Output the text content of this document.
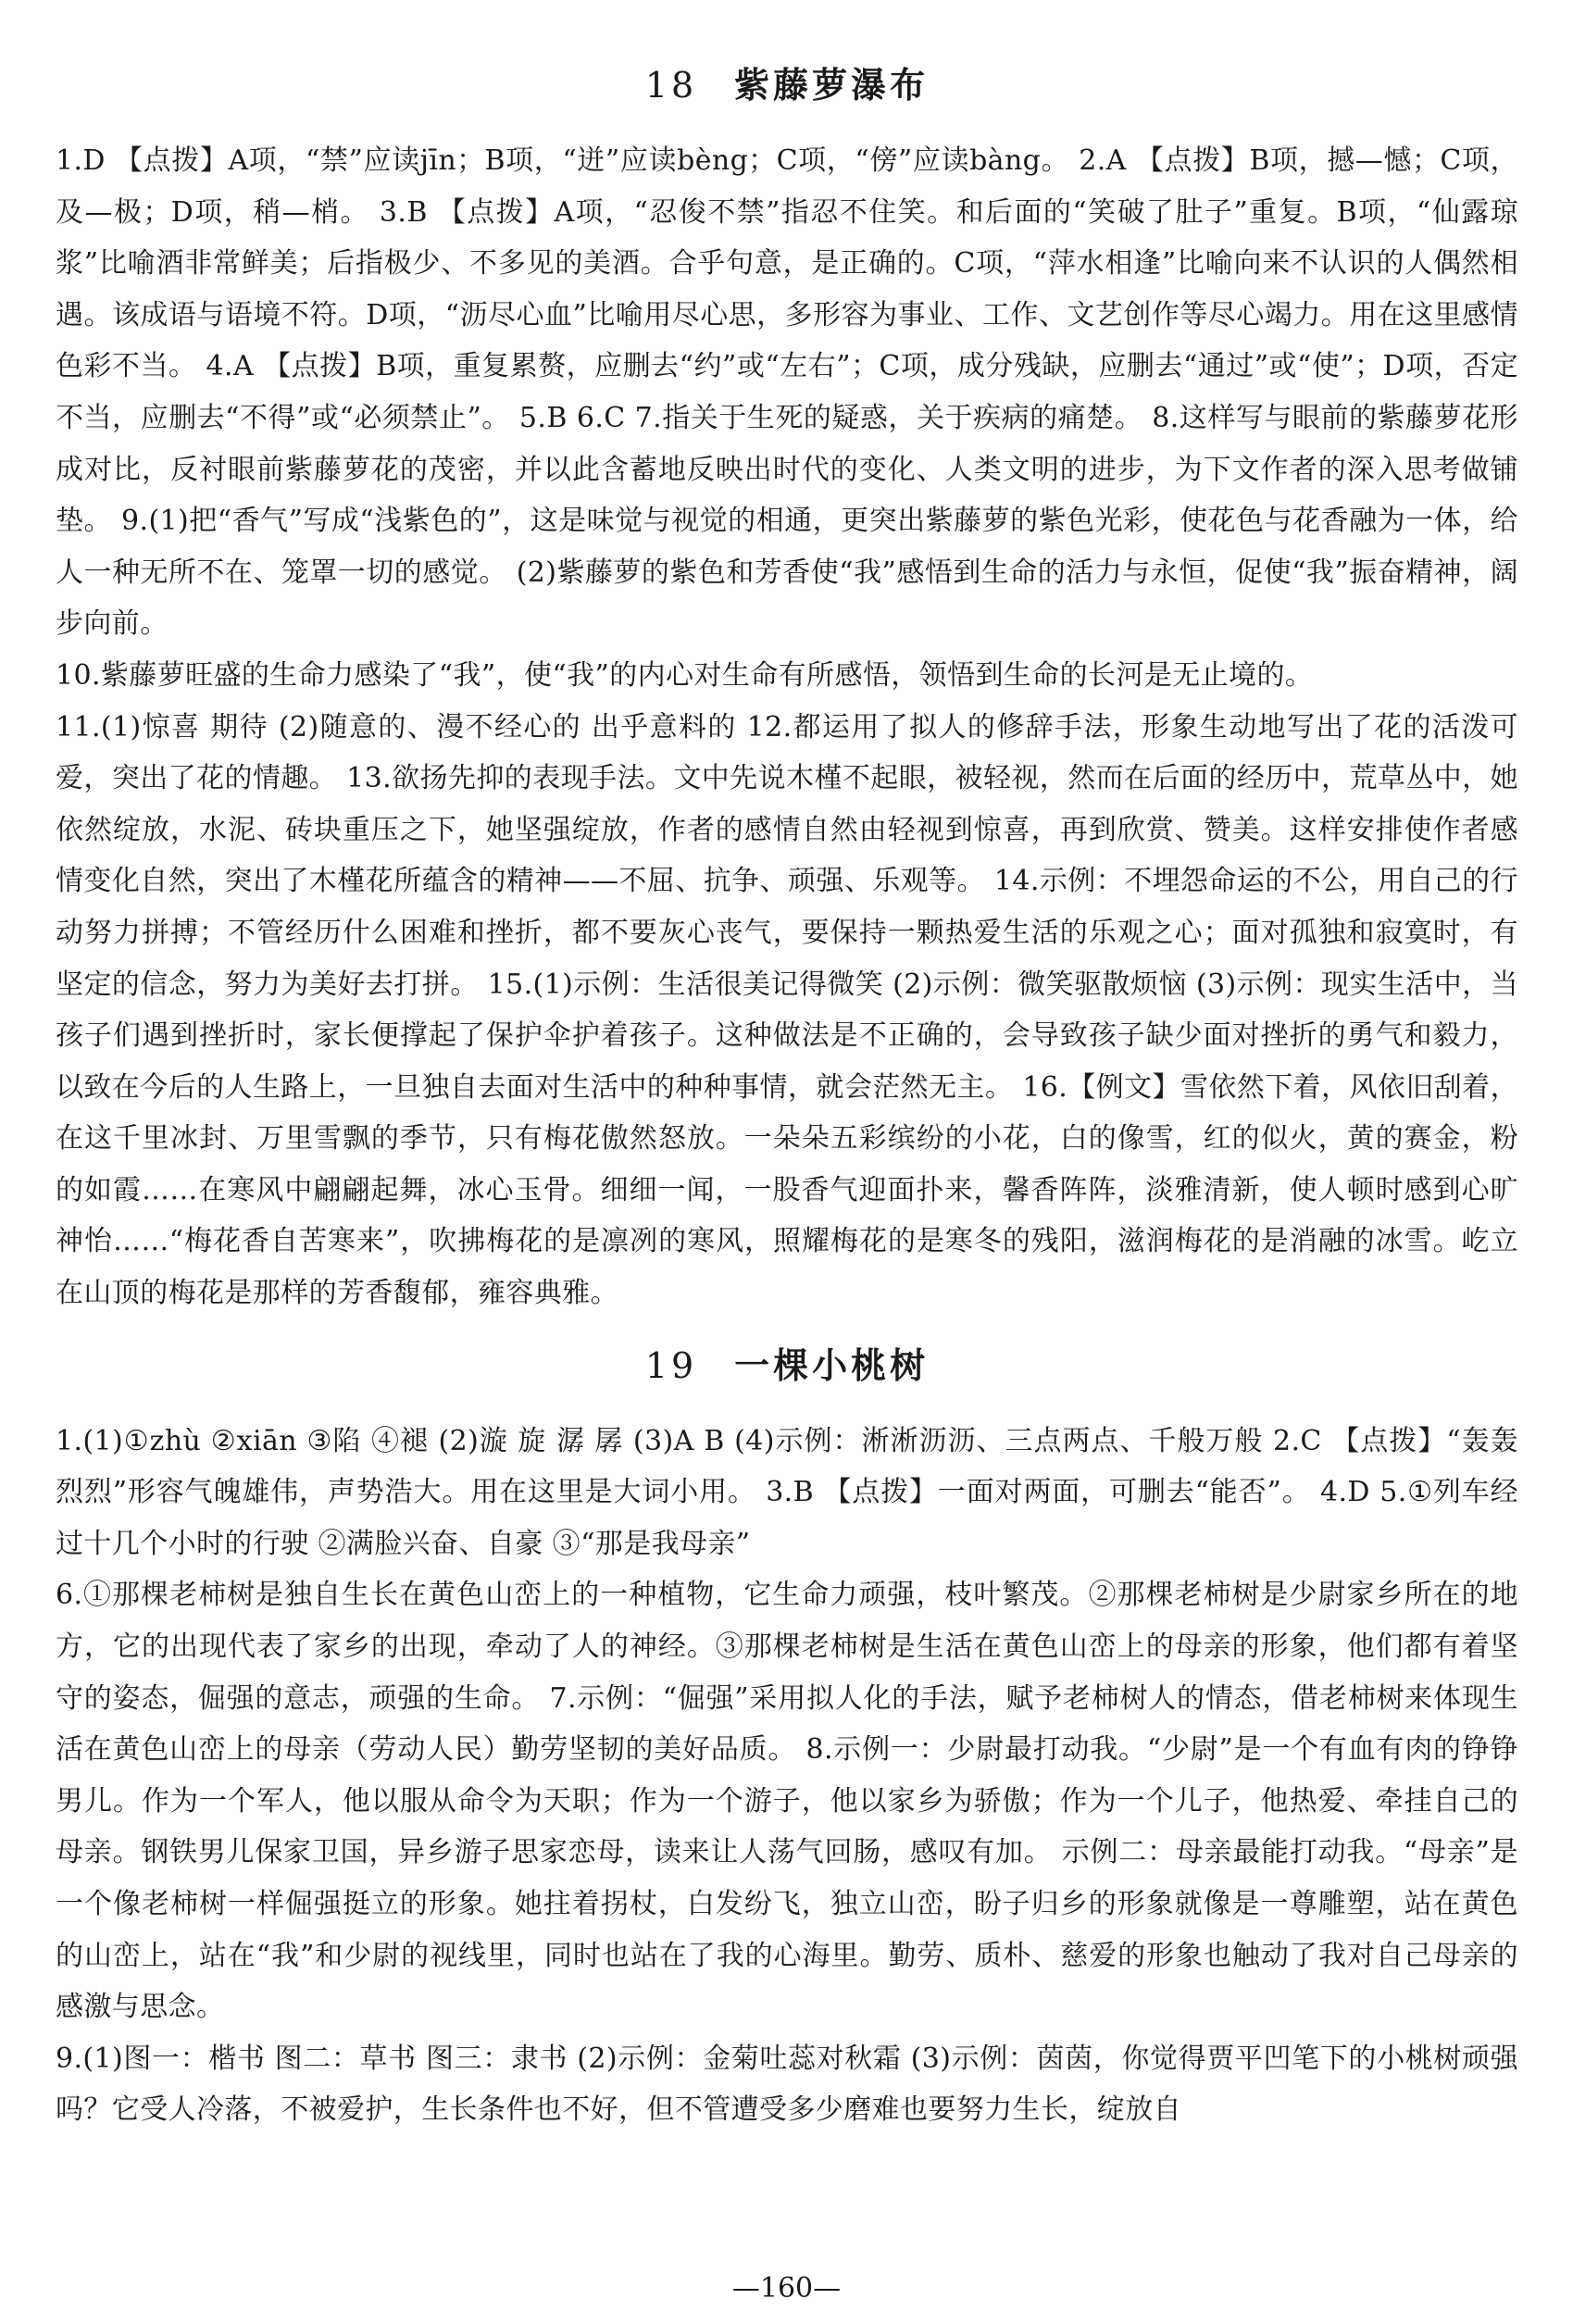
18 紫藤萝瀑布

1.D 【点拨】A项，“禁”应读jīn；B项，“迸”应读bèng；C项，“傍”应读bàng。 2.A 【点拨】B项，撼—憾；C项，及—极；D项，稍—梢。 3.B 【点拨】A项，“忍俊不禁”指忍不住笑。和后面的“笑破了肚子”重复。B项，“仙露琼浆”比喻酒非常鲜美；后指极少、不多见的美酒。合乎句意，是正确的。C项，“萍水相逢”比喻向来不认识的人偶然相遇。该成语与语境不符。D项，“沥尽心血”比喻用尽心思，多形容为事业、工作、文艺创作等尽心竭力。用在这里感情色彩不当。 4.A 【点拨】B项，重复累赘，应删去“约”或“左右”；C项，成分残缺，应删去“通过”或“使”；D项，否定不当，应删去“不得”或“必须禁止”。 5.B 6.C 7.指关于生死的疑惑，关于疾病的痛楚。 8.这样写与眼前的紫藤萝花形成对比，反衬眼前紫藤萝花的茂密，并以此含蓄地反映出时代的变化、人类文明的进步，为下文作者的深入思考做铺垫。 9.(1)把“香气”写成“浅紫色的”，这是味觉与视觉的相通，更突出紫藤萝的紫色光彩，使花色与花香融为一体，给人一种无所不在、笼罩一切的感觉。 (2)紫藤萝的紫色和芳香使“我”感悟到生命的活力与永恒，促使“我”振奋精神，阔步向前。

10.紫藤萝旺盛的生命力感染了“我”，使“我”的内心对生命有所感悟，领悟到生命的长河是无止境的。

11.(1)惊喜 期待 (2)随意的、漫不经心的 出乎意料的 12.都运用了拟人的修辞手法，形象生动地写出了花的活泼可爱，突出了花的情趣。 13.欲扬先抑的表现手法。文中先说木槿不起眼，被轻视，然而在后面的经历中，荒草丛中，她依然绽放，水泥、砖块重压之下，她坚强绽放，作者的感情自然由轻视到惊喜，再到欣赏、赞美。这样安排使作者感情变化自然，突出了木槿花所蕴含的精神——不屈、抗争、顽强、乐观等。 14.示例：不埋怨命运的不公，用自己的行动努力拼搏；不管经历什么困难和挫折，都不要灰心丧气，要保持一颗热爱生活的乐观之心；面对孤独和寂寞时，有坚定的信念，努力为美好去打拼。 15.(1)示例：生活很美记得微笑 (2)示例：微笑驱散烦恼 (3)示例：现实生活中，当孩子们遇到挫折时，家长便撑起了保护伞护着孩子。这种做法是不正确的，会导致孩子缺少面对挫折的勇气和毅力，以致在今后的人生路上，一旦独自去面对生活中的种种事情，就会茫然无主。 16.【例文】雪依然下着，风依旧刮着，在这千里冰封、万里雪飘的季节，只有梅花傲然怒放。一朵朵五彩缤纷的小花，白的像雪，红的似火，黄的赛金，粉的如霞……在寒风中翩翩起舞，冰心玉骨。细细一闻，一股香气迎面扑来，馨香阵阵，淡雅清新，使人顿时感到心旷神怡……“梅花香自苦寒来”，吹拂梅花的是凛冽的寒风，照耀梅花的是寒冬的残阳，滋润梅花的是消融的冰雪。屹立在山顶的梅花是那样的芳香馥郁，雍容典雅。

19 一棵小桃树

1.(1)①zhù ②xiān ③陷 ④褪 (2)漩 旋 潺 孱 (3)A B (4)示例：淅淅沥沥、三点两点、千般万般 2.C 【点拨】“轰轰烈烈”形容气魄雄伟，声势浩大。用在这里是大词小用。 3.B 【点拨】一面对两面，可删去“能否”。 4.D 5.①列车经过十几个小时的行驶 ②满脸兴奋、自豪 ③“那是我母亲”

6.①那棵老柿树是独自生长在黄色山峦上的一种植物，它生命力顽强，枝叶繁茂。②那棵老柿树是少尉家乡所在的地方，它的出现代表了家乡的出现，牵动了人的神经。③那棵老柿树是生活在黄色山峦上的母亲的形象，他们都有着坚守的姿态，倔强的意志，顽强的生命。 7.示例：“倔强”采用拟人化的手法，赋予老柿树人的情态，借老柿树来体现生活在黄色山峦上的母亲（劳动人民）勤劳坚韧的美好品质。 8.示例一：少尉最打动我。“少尉”是一个有血有肉的铮铮男儿。作为一个军人，他以服从命令为天职；作为一个游子，他以家乡为骄傲；作为一个儿子，他热爱、牵挂自己的母亲。钢铁男儿保家卫国，异乡游子思家恋母，读来让人荡气回肠，感叹有加。 示例二：母亲最能打动我。“母亲”是一个像老柿树一样倔强挺立的形象。她拄着拐杖，白发纷飞，独立山峦，盼子归乡的形象就像是一尊雕塑，站在黄色的山峦上，站在“我”和少尉的视线里，同时也站在了我的心海里。勤劳、质朴、慈爱的形象也触动了我对自己母亲的感激与思念。

9.(1)图一：楷书 图二：草书 图三：隶书 (2)示例：金菊吐蕊对秋霜 (3)示例：茵茵，你觉得贾平凹笔下的小桃树顽强吗？它受人冷落，不被爱护，生长条件也不好，但不管遭受多少磨难也要努力生长，绽放自

—160—
